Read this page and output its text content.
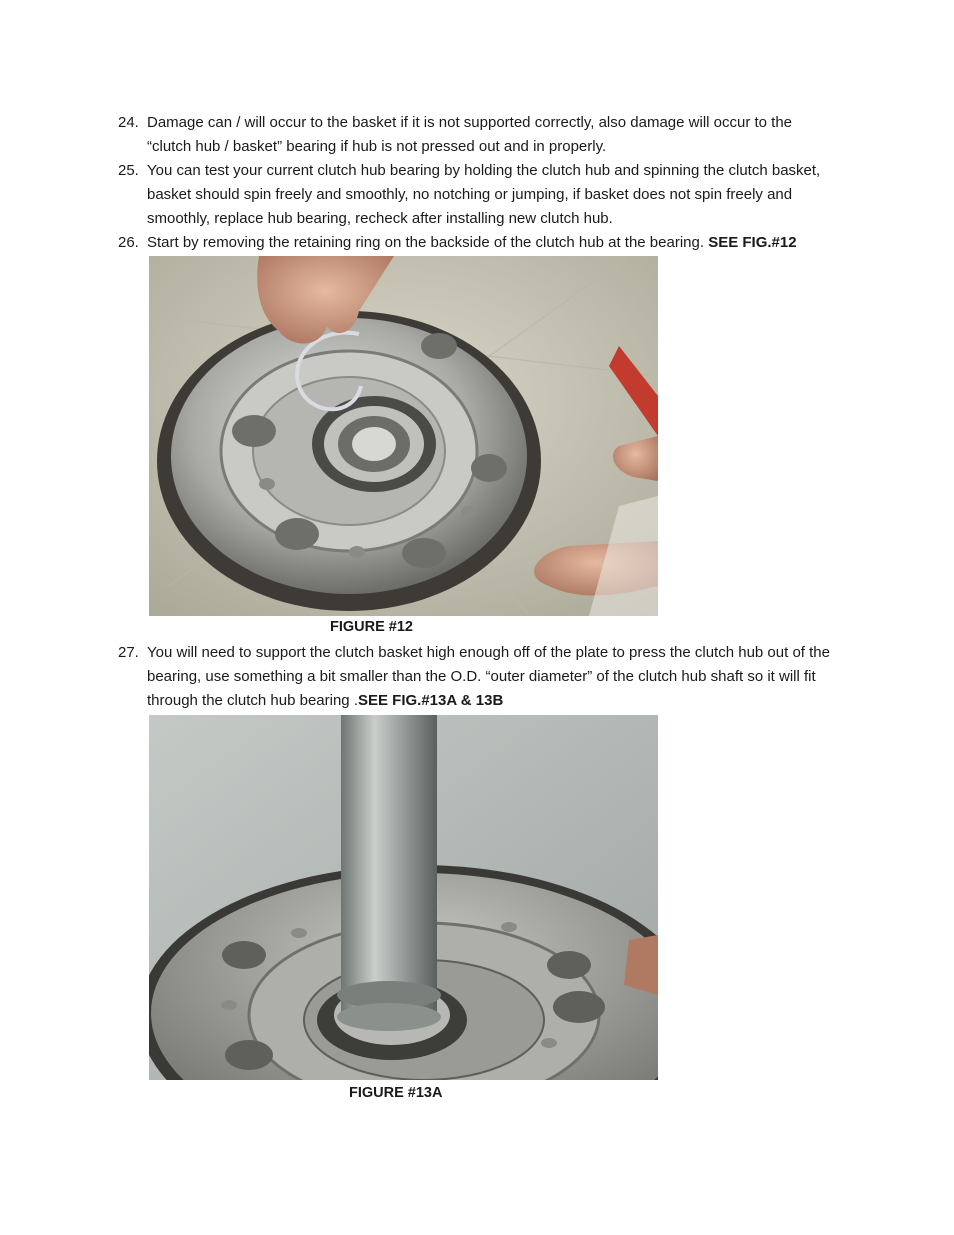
24. Damage can / will occur to the basket if it is not supported correctly, also damage will occur to the “clutch hub / basket” bearing if hub is not pressed out and in properly.
25. You can test your current clutch hub bearing by holding the clutch hub and spinning the clutch basket, basket should spin freely and smoothly, no notching or jumping, if basket does not spin freely and smoothly, replace hub bearing, recheck after installing new clutch hub.
26. Start by removing the retaining ring on the backside of the clutch hub at the bearing. SEE FIG.#12
FIGURE #12
27. You will need to support the clutch basket high enough off of the plate to press the clutch hub out of the bearing, use something a bit smaller than the O.D. “outer diameter” of the clutch hub shaft so it will fit through the clutch hub bearing .SEE FIG.#13A & 13B
FIGURE #13A
